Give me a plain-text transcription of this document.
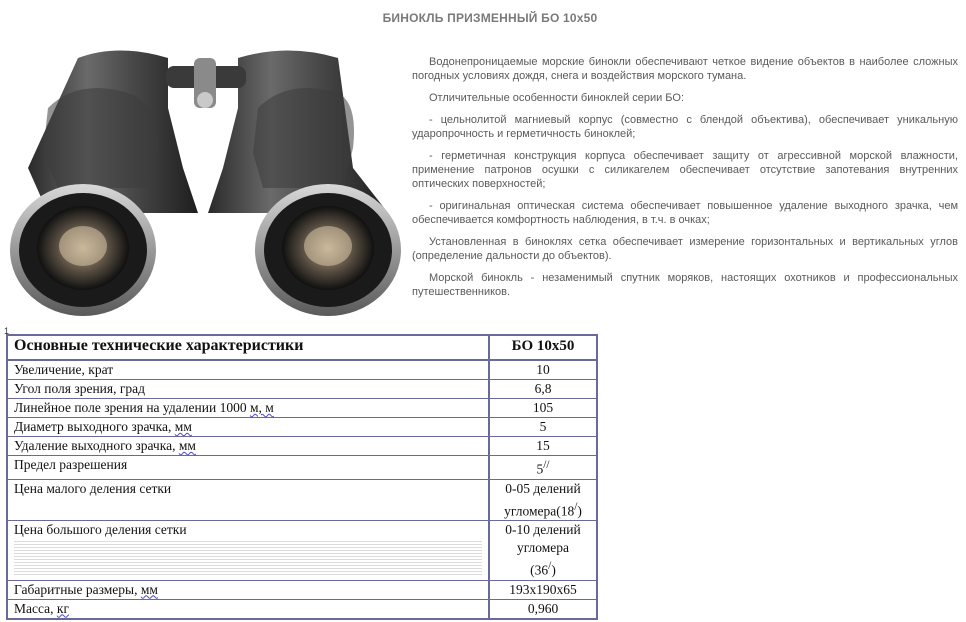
БИНОКЛЬ ПРИЗМЕННЫЙ БО 10х50

Водонепроницаемые морские бинокли обеспечивают четкое видение объектов в наиболее сложных погодных условиях дождя, снега и воздействия морского тумана.

Отличительные особенности биноклей серии БО:

- цельнолитой магниевый корпус (совместно с блендой объектива), обеспечивает уникальную ударопрочность и герметичность биноклей;

- герметичная конструкция корпуса обеспечивает защиту от агрессивной морской влажности, применение патронов осушки с силикагелем обеспечивает отсутствие запотевания внутренних оптических поверхностей;

- оригинальная оптическая система обеспечивает повышенное удаление выходного зрачка, чем обеспечивается комфортность наблюдения, в т.ч. в очках;

Установленная в биноклях сетка обеспечивает измерение горизонтальных и вертикальных углов (определение дальности до объектов).

Морской бинокль - незаменимый спутник моряков, настоящих охотников и профессиональных путешественников.

1
Основные технические характеристики	БО 10х50
Увеличение, крат	10
Угол поля зрения, град	6,8
Линейное поле зрения на удалении 1000 м, м	105
Диаметр выходного зрачка, мм	5
Удаление выходного зрачка, мм	15
Предел разрешения	5//
Цена малого деления сетки	0-05 делений
угломера(18/)

Цена большого деления сетки	0-10 делений
угломера
(36/)

Габаритные размеры, мм	193х190х65
Масса, кг	0,960
